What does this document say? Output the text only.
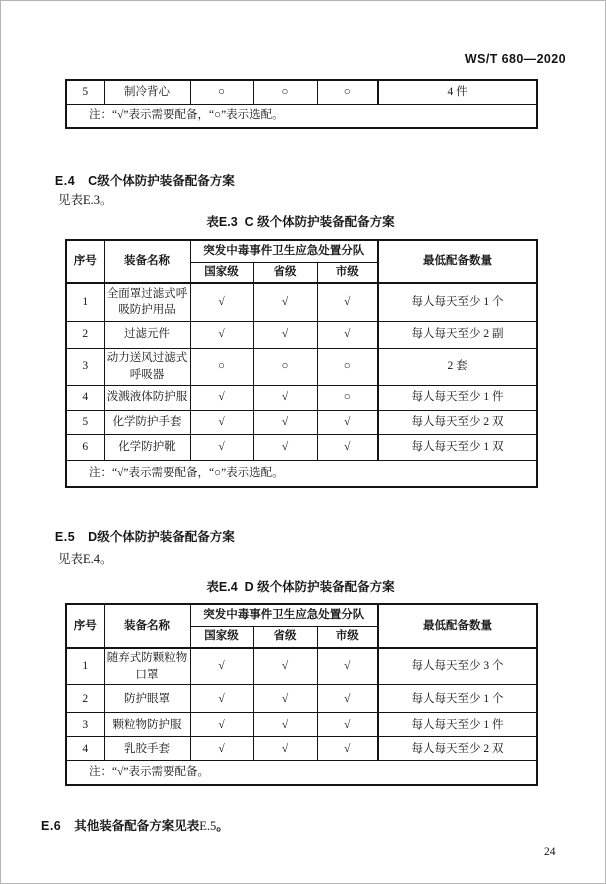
WS/T 680—2020
5	制冷背心	○	○	○	4 件
注：“√”表示需要配备，“○”表示选配。

E.4 C级个体防护装备配备方案

见表E.3。
表E.3  C 级个体防护装备配备方案
序号	装备名称	突发中毒事件卫生应急处置分队			最低配备数量
		国家级	省级	市级	
1	全面罩过滤式呼吸防护用品	√	√	√	每人每天至少 1 个
2	过滤元件	√	√	√	每人每天至少 2 副
3	动力送风过滤式呼吸器	○	○	○	2 套
4	泼溅液体防护服	√	√	○	每人每天至少 1 件
5	化学防护手套	√	√	√	每人每天至少 2 双
6	化学防护靴	√	√	√	每人每天至少 1 双
注：“√”表示需要配备，“○”表示选配。					

E.5 D级个体防护装备配备方案

见表E.4。
表E.4  D 级个体防护装备配备方案
序号	装备名称	突发中毒事件卫生应急处置分队			最低配备数量
		国家级	省级	市级	
1	随弃式防颗粒物口罩	√	√	√	每人每天至少 3 个
2	防护眼罩	√	√	√	每人每天至少 1 个
3	颗粒物防护服	√	√	√	每人每天至少 1 件
4	乳胶手套	√	√	√	每人每天至少 2 双
注：“√”表示需要配备。					
E.6 其他装备配备方案见表E.5。
24
